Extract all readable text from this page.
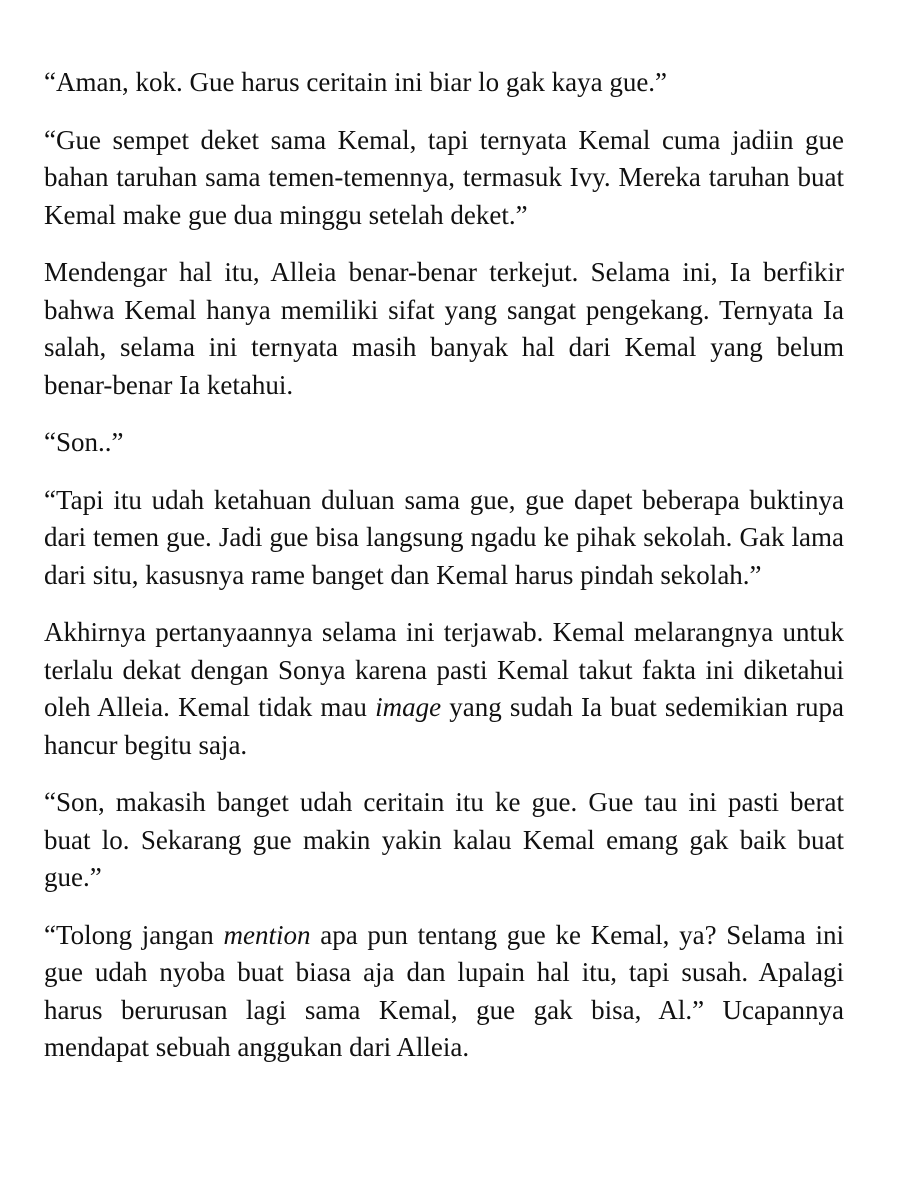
“Aman, kok. Gue harus ceritain ini biar lo gak kaya gue.”

“Gue sempet deket sama Kemal, tapi ternyata Kemal cuma jadiin gue bahan taruhan sama temen-temennya, termasuk Ivy. Mereka taruhan buat Kemal make gue dua minggu setelah deket.”

Mendengar hal itu, Alleia benar-benar terkejut. Selama ini, Ia berfikir bahwa Kemal hanya memiliki sifat yang sangat pengekang. Ternyata Ia salah, selama ini ternyata masih banyak hal dari Kemal yang belum benar-benar Ia ketahui.

“Son..”

“Tapi itu udah ketahuan duluan sama gue, gue dapet beberapa buktinya dari temen gue. Jadi gue bisa langsung ngadu ke pihak sekolah. Gak lama dari situ, kasusnya rame banget dan Kemal harus pindah sekolah.”

Akhirnya pertanyaannya selama ini terjawab. Kemal melarangnya untuk terlalu dekat dengan Sonya karena pasti Kemal takut fakta ini diketahui oleh Alleia. Kemal tidak mau image yang sudah Ia buat sedemikian rupa hancur begitu saja.

“Son, makasih banget udah ceritain itu ke gue. Gue tau ini pasti berat buat lo. Sekarang gue makin yakin kalau Kemal emang gak baik buat gue.”

“Tolong jangan mention apa pun tentang gue ke Kemal, ya? Selama ini gue udah nyoba buat biasa aja dan lupain hal itu, tapi susah. Apalagi harus berurusan lagi sama Kemal, gue gak bisa, Al.” Ucapannya mendapat sebuah anggukan dari Alleia.
